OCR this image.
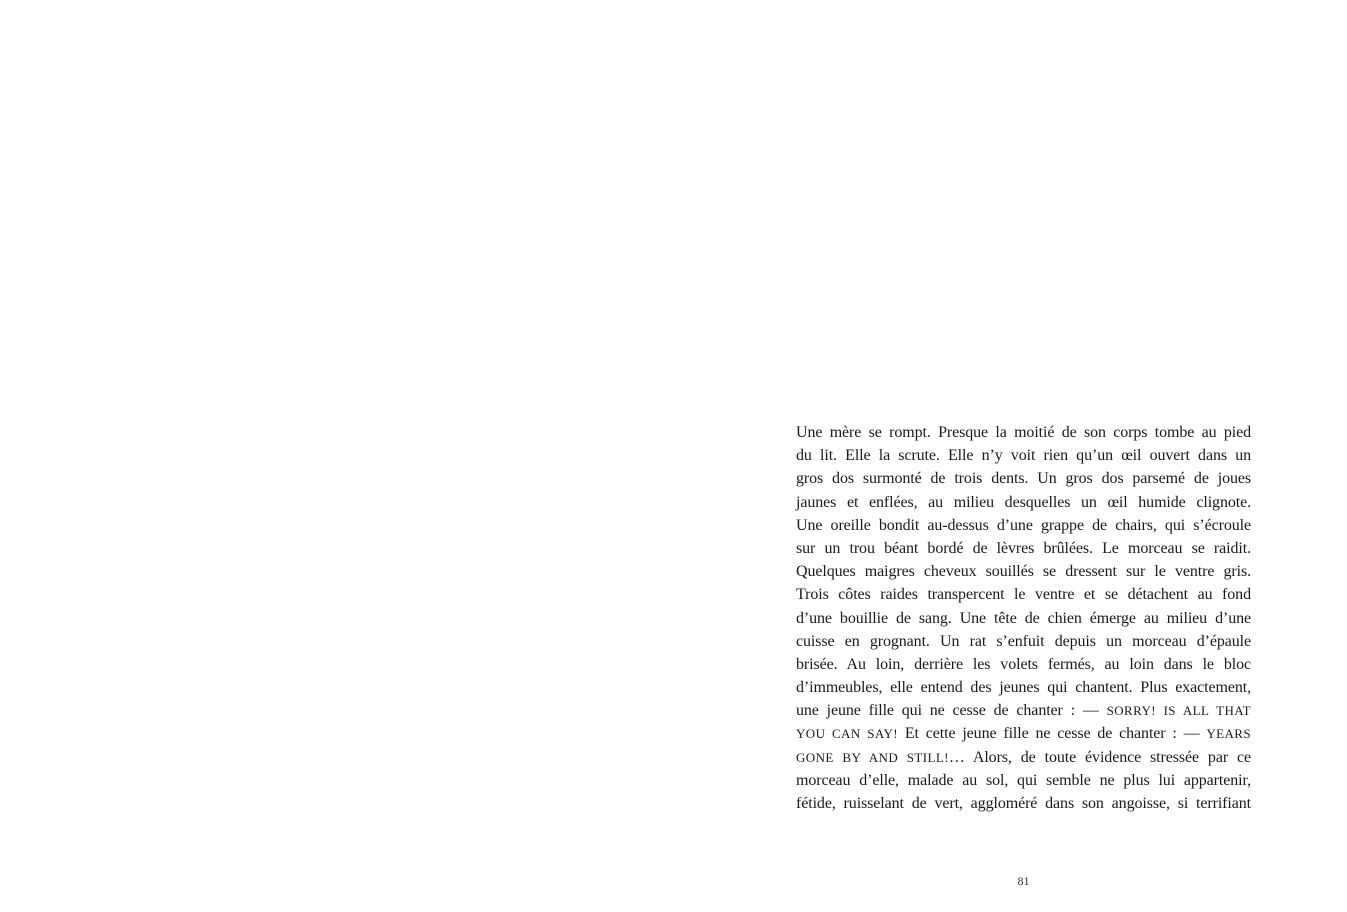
Une mère se rompt. Presque la moitié de son corps tombe au pied
du lit. Elle la scrute. Elle n’y voit rien qu’un œil ouvert dans un
gros dos surmonté de trois dents. Un gros dos parsemé de joues
jaunes et enflées, au milieu desquelles un œil humide clignote.
Une oreille bondit au-dessus d’une grappe de chairs, qui s’écroule
sur un trou béant bordé de lèvres brûlées. Le morceau se raidit.
Quelques maigres cheveux souillés se dressent sur le ventre gris.
Trois côtes raides transpercent le ventre et se détachent au fond
d’une bouillie de sang. Une tête de chien émerge au milieu d’une
cuisse en grognant. Un rat s’enfuit depuis un morceau d’épaule
brisée. Au loin, derrière les volets fermés, au loin dans le bloc
d’immeubles, elle entend des jeunes qui chantent. Plus exactement,
une jeune fille qui ne cesse de chanter : — SORRY! IS ALL THAT
YOU CAN SAY! Et cette jeune fille ne cesse de chanter : — YEARS
GONE BY AND STILL!… Alors, de toute évidence stressée par ce
morceau d’elle, malade au sol, qui semble ne plus lui appartenir,
fétide, ruisselant de vert, aggloméré dans son angoisse, si terrifiant
81
